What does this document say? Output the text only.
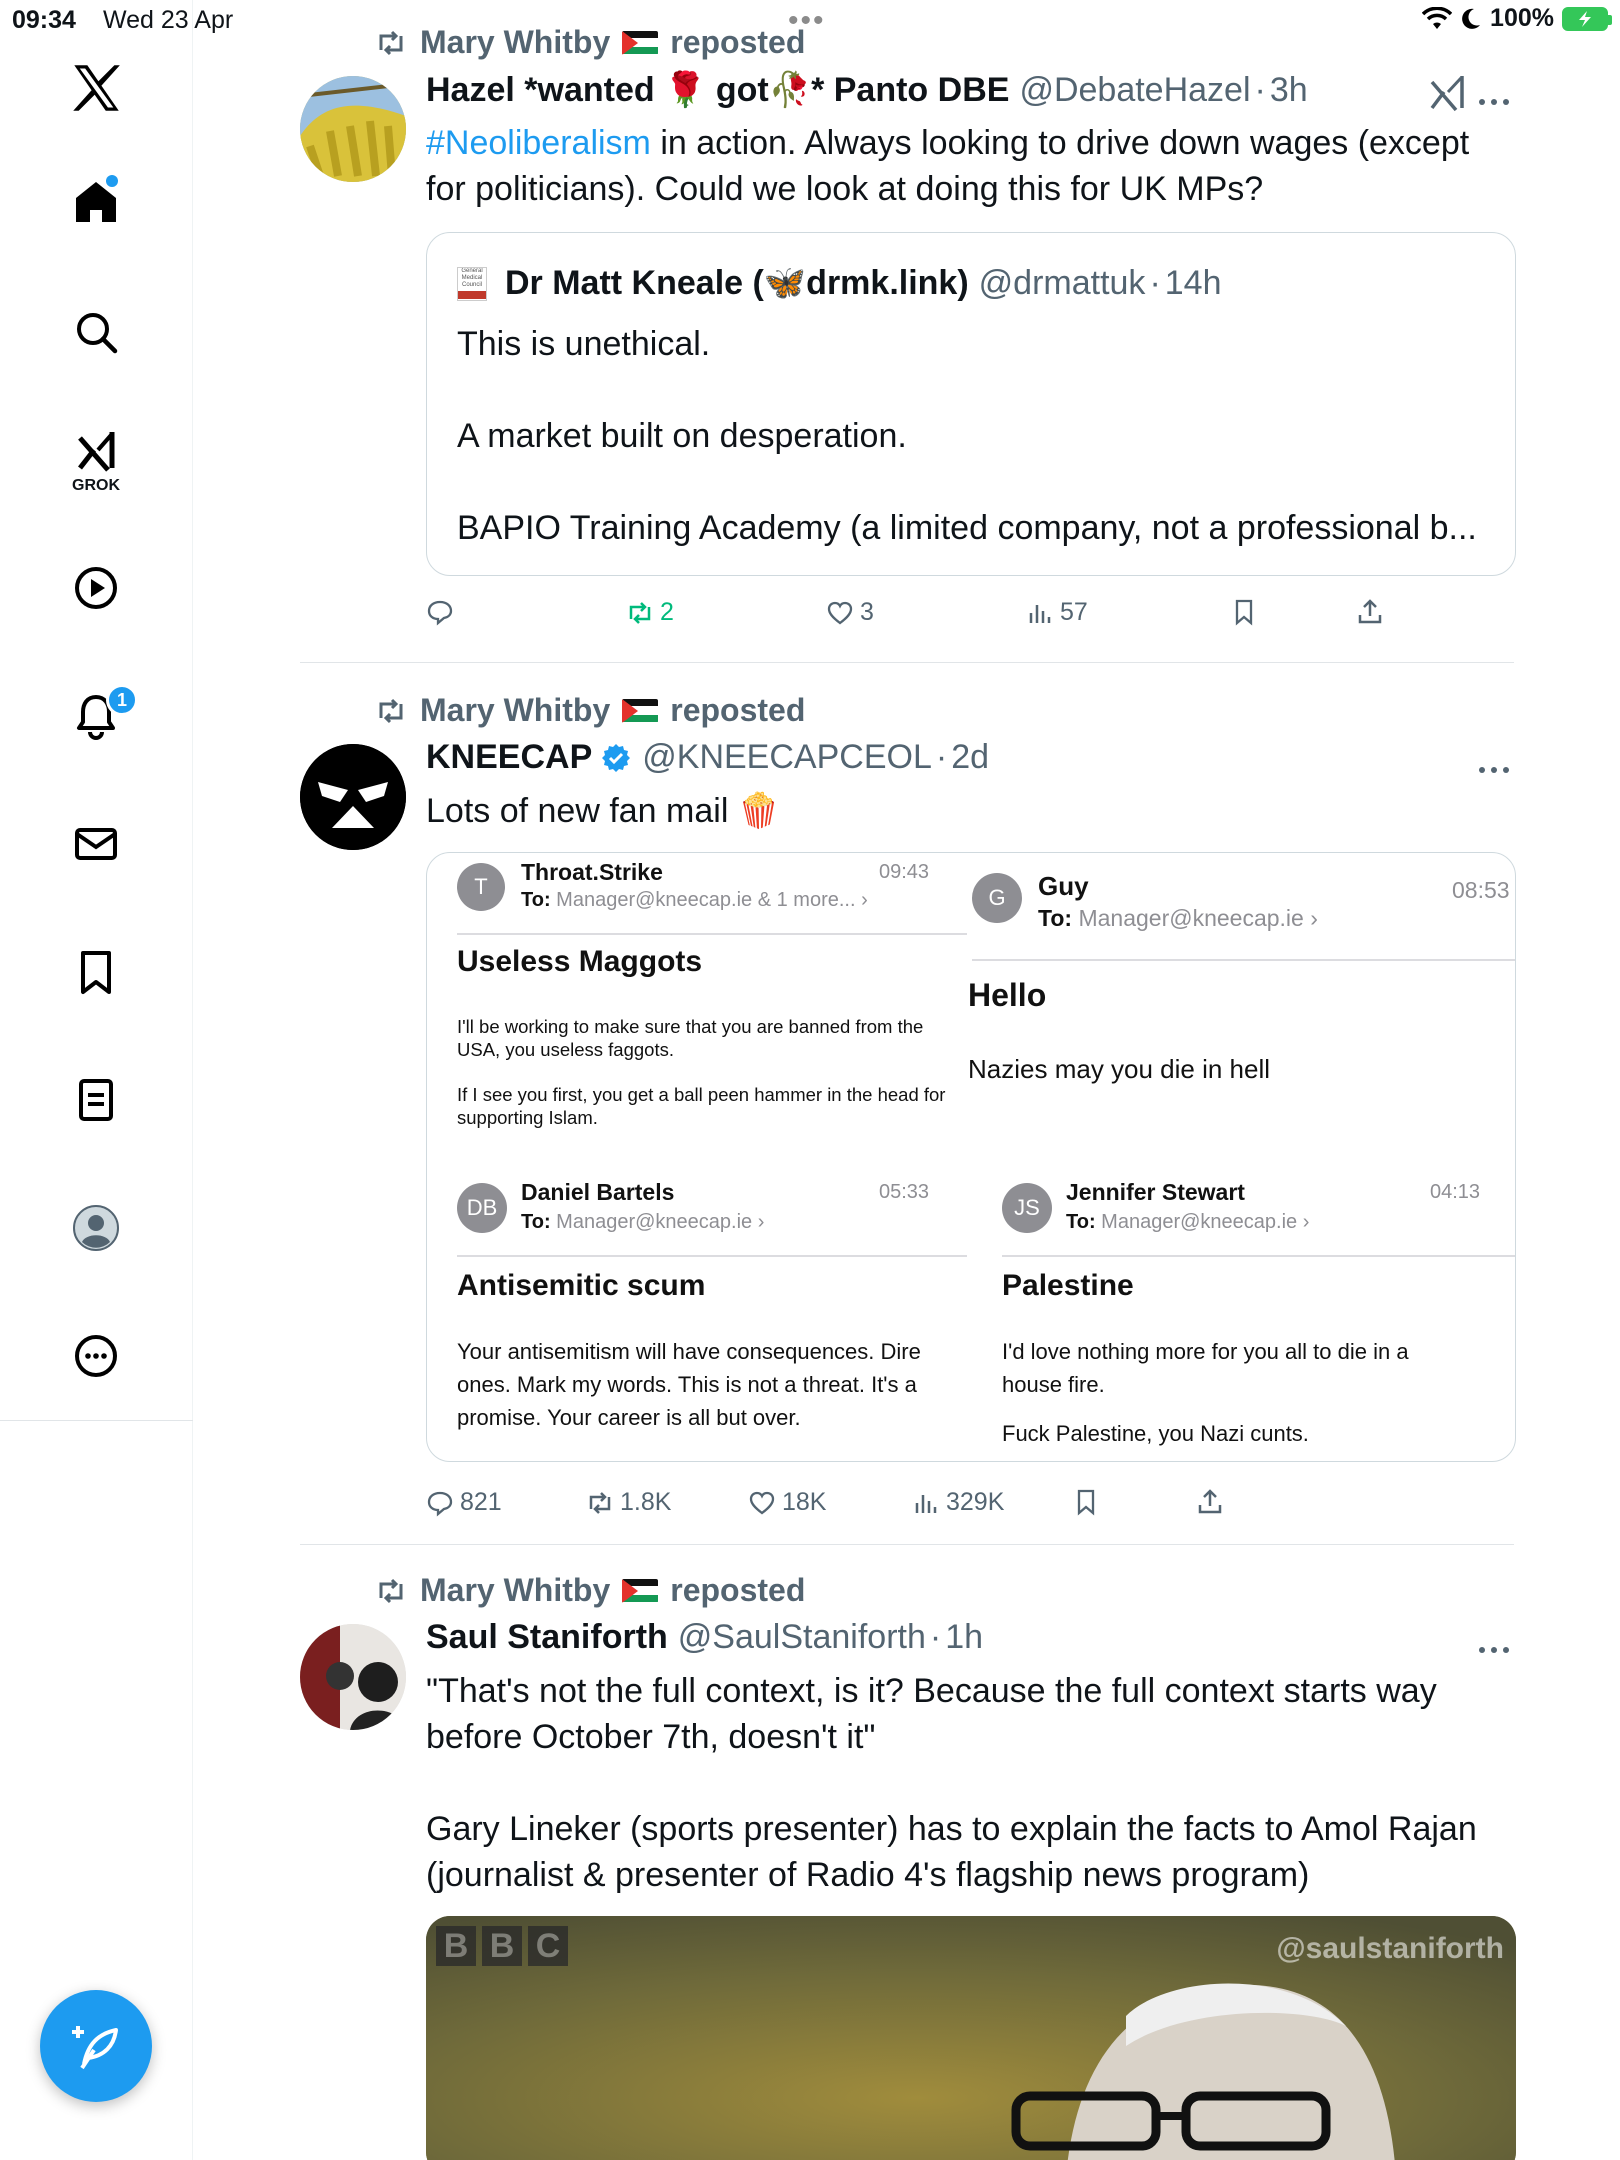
09:34 Wed 23 Apr	•••	100%
GROK
1
Mary Whitby reposted
Hazel *wanted 🌹 got🥀* Panto DBE @DebateHazel · 3h
#Neoliberalism in action. Always looking to drive down wages (except for politicians). Could we look at doing this for UK MPs?
General Medical Council Dr Matt Kneale (🦋drmk.link) @drmattuk · 14h
This is unethical.
A market built on desperation.
BAPIO Training Academy (a limited company, not a professional b...
2	3	57
Mary Whitby reposted
KNEECAP @KNEECAPCEOL · 2d
Lots of new fan mail 🍿
T
Throat.Strike
To: Manager@kneecap.ie & 1 more... ›
09:43
Useless Maggots
I'll be working to make sure that you are banned from the USA, you useless faggots.
If I see you first, you get a ball peen hammer in the head for supporting Islam.
G	Guy
To: Manager@kneecap.ie ›
08:53
Hello
Nazies may you die in hell
DB
Daniel Bartels
To: Manager@kneecap.ie ›
05:33
Antisemitic scum
Your antisemitism will have consequences. Dire ones. Mark my words. This is not a threat. It's a promise. Your career is all but over.
JS
Jennifer Stewart
To: Manager@kneecap.ie ›
04:13
Palestine
I'd love nothing more for you all to die in a house fire.
Fuck Palestine, you Nazi cunts.
821	1.8K	18K	329K
Mary Whitby reposted
Saul Staniforth @SaulStaniforth · 1h
"That's not the full context, is it? Because the full context starts way before October 7th, doesn't it"
Gary Lineker (sports presenter) has to explain the facts to Amol Rajan (journalist & presenter of Radio 4's flagship news program)
B B C	@saulstaniforth
